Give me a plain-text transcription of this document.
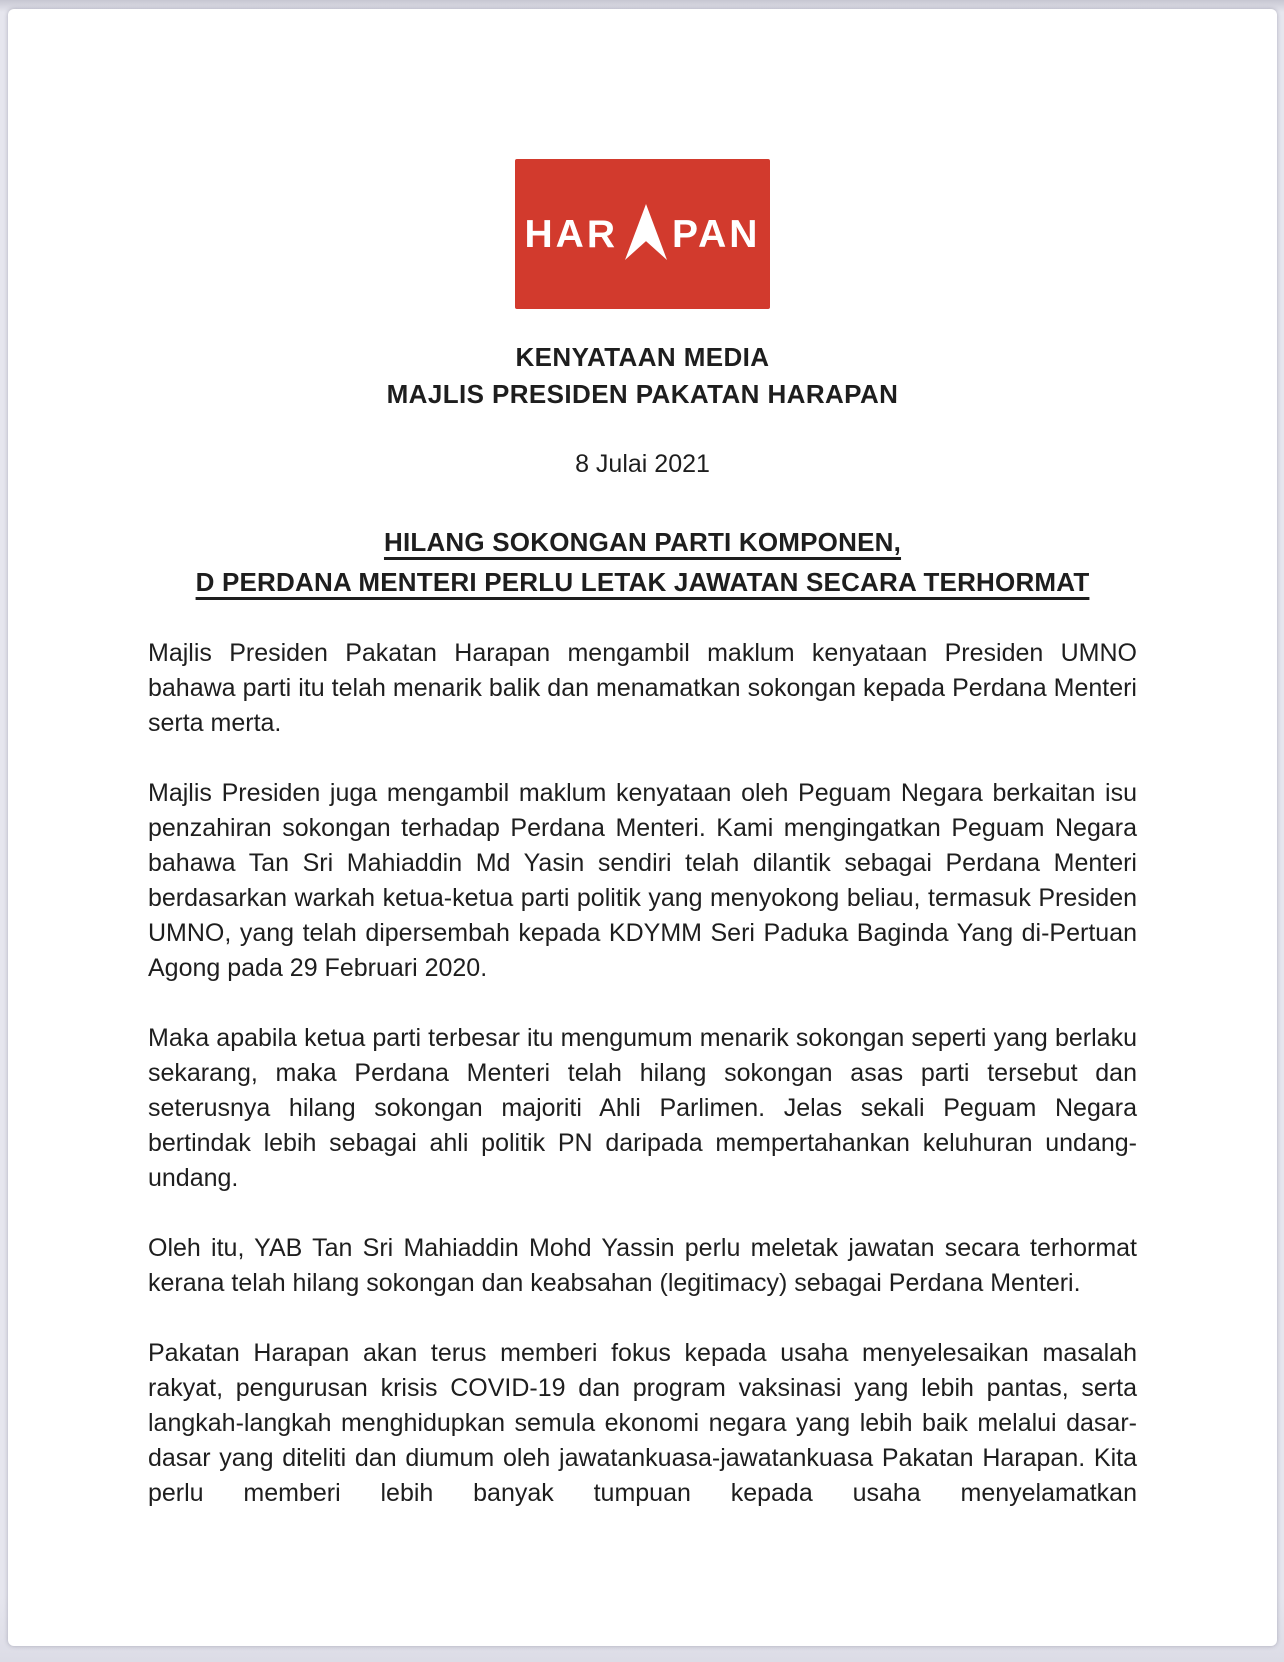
HAR PAN
KENYATAAN MEDIA
MAJLIS PRESIDEN PAKATAN HARAPAN
8 Julai 2021
HILANG SOKONGAN PARTI KOMPONEN,
D PERDANA MENTERI PERLU LETAK JAWATAN SECARA TERHORMAT

Majlis Presiden Pakatan Harapan mengambil maklum kenyataan Presiden UMNO bahawa parti itu telah menarik balik dan menamatkan sokongan kepada Perdana Menteri serta merta.

Majlis Presiden juga mengambil maklum kenyataan oleh Peguam Negara berkaitan isu penzahiran sokongan terhadap Perdana Menteri. Kami mengingatkan Peguam Negara bahawa Tan Sri Mahiaddin Md Yasin sendiri telah dilantik sebagai Perdana Menteri berdasarkan warkah ketua-ketua parti politik yang menyokong beliau, termasuk Presiden UMNO, yang telah dipersembah kepada KDYMM Seri Paduka Baginda Yang di-Pertuan Agong pada 29 Februari 2020.

Maka apabila ketua parti terbesar itu mengumum menarik sokongan seperti yang berlaku sekarang, maka Perdana Menteri telah hilang sokongan asas parti tersebut dan seterusnya hilang sokongan majoriti Ahli Parlimen. Jelas sekali Peguam Negara bertindak lebih sebagai ahli politik PN daripada mempertahankan keluhuran undang-undang.

Oleh itu, YAB Tan Sri Mahiaddin Mohd Yassin perlu meletak jawatan secara terhormat kerana telah hilang sokongan dan keabsahan (legitimacy) sebagai Perdana Menteri.

Pakatan Harapan akan terus memberi fokus kepada usaha menyelesaikan masalah rakyat, pengurusan krisis COVID-19 dan program vaksinasi yang lebih pantas, serta langkah-langkah menghidupkan semula ekonomi negara yang lebih baik melalui dasar-dasar yang diteliti dan diumum oleh jawatankuasa-jawatankuasa Pakatan Harapan. Kita perlu memberi lebih banyak tumpuan kepada usaha menyelamatkan
